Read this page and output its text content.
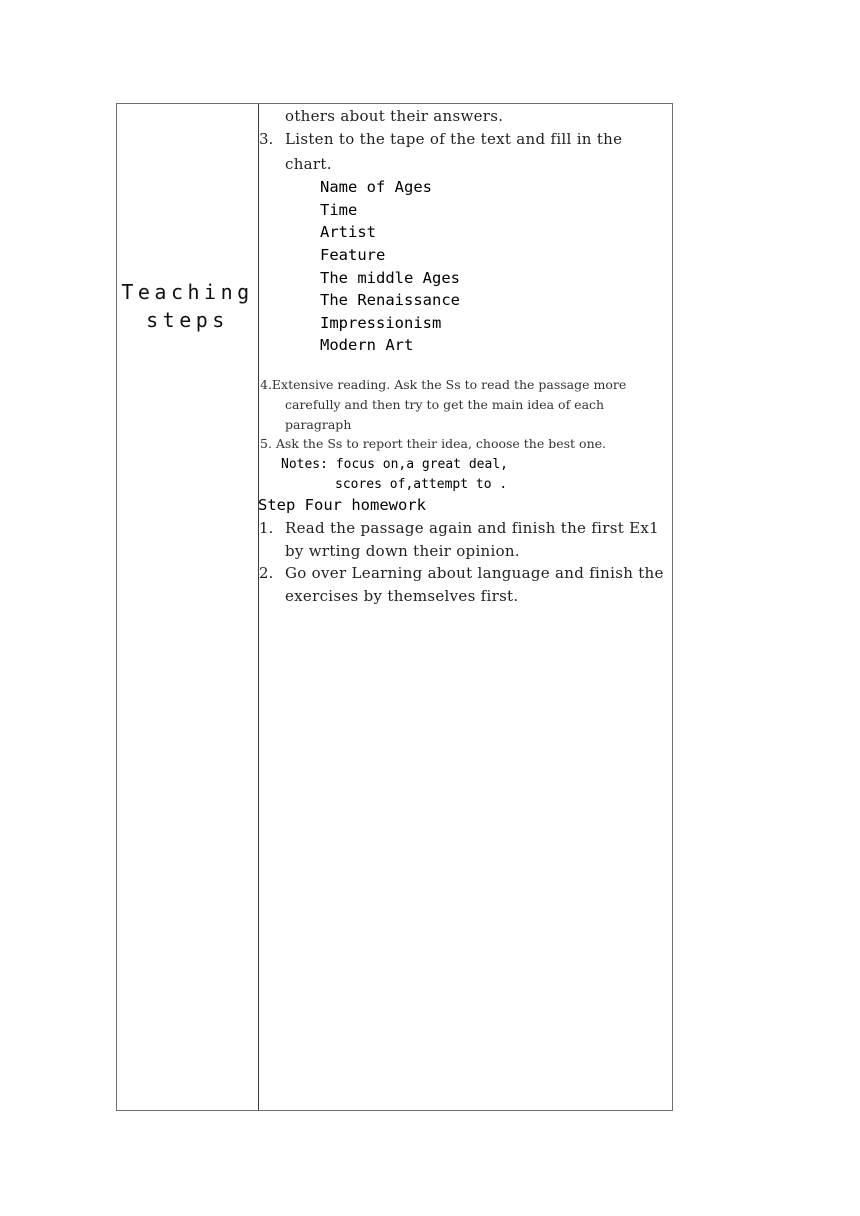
Teaching
steps
others about their answers.
3. Listen to the tape of the text and fill in the
chart.
Name of Ages
Time
Artist
Feature
The middle Ages
The Renaissance
Impressionism
Modern Art
4.Extensive reading. Ask the Ss to read the passage more
carefully and then try to get the main idea of each
paragraph
5. Ask the Ss to report their idea, choose the best one.
Notes: focus on,a great deal,
scores of,attempt to .
Step Four homework
1. Read the passage again and finish the first Ex1
by wrting down their opinion.
2. Go over Learning about language and finish the
exercises by themselves first.
